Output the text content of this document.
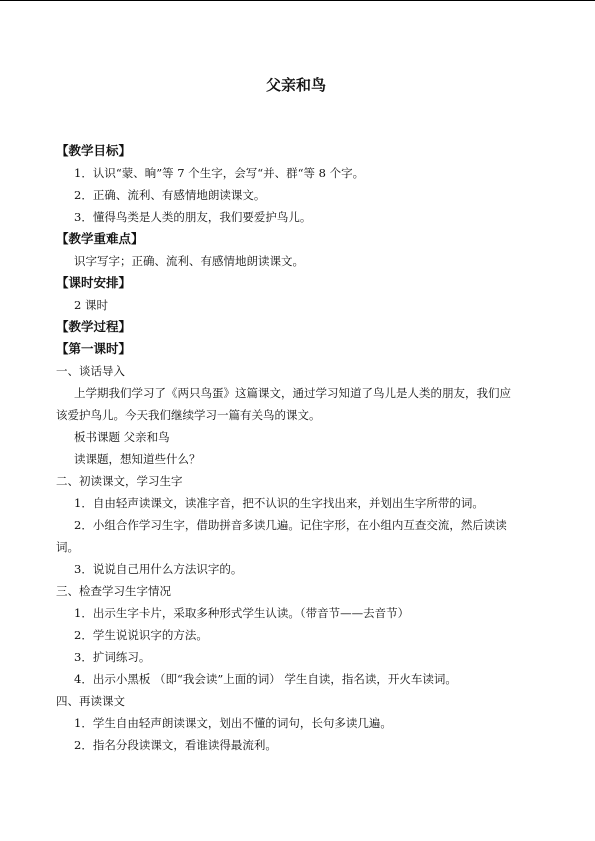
父亲和鸟

【教学目标】

1．认识“蒙、晌”等 7 个生字，会写“并、群“等 8 个字。

2．正确、流利、有感情地朗读课文。

3．懂得鸟类是人类的朋友，我们要爱护鸟儿。

【教学重难点】

识字写字；正确、流利、有感情地朗读课文。

【课时安排】

2 课时

【教学过程】

【第一课时】

一、谈话导入

上学期我们学习了《两只鸟蛋》这篇课文，通过学习知道了鸟儿是人类的朋友，我们应

该爱护鸟儿。今天我们继续学习一篇有关鸟的课文。

板书课题 父亲和鸟

读课题，想知道些什么？

二、初读课文，学习生字

1．自由轻声读课文，读准字音，把不认识的生字找出来，并划出生字所带的词。

2．小组合作学习生字，借助拼音多读几遍。记住字形，在小组内互查交流，然后读读

词。

3．说说自己用什么方法识字的。

三、检查学习生字情况

1．出示生字卡片，采取多种形式学生认读。（带音节——去音节）

2．学生说说识字的方法。

3．扩词练习。

4．出示小黑板 （即“我会读”上面的词） 学生自读，指名读，开火车读词。

四、再读课文

1．学生自由轻声朗读课文，划出不懂的词句，长句多读几遍。

2．指名分段读课文，看谁读得最流利。
